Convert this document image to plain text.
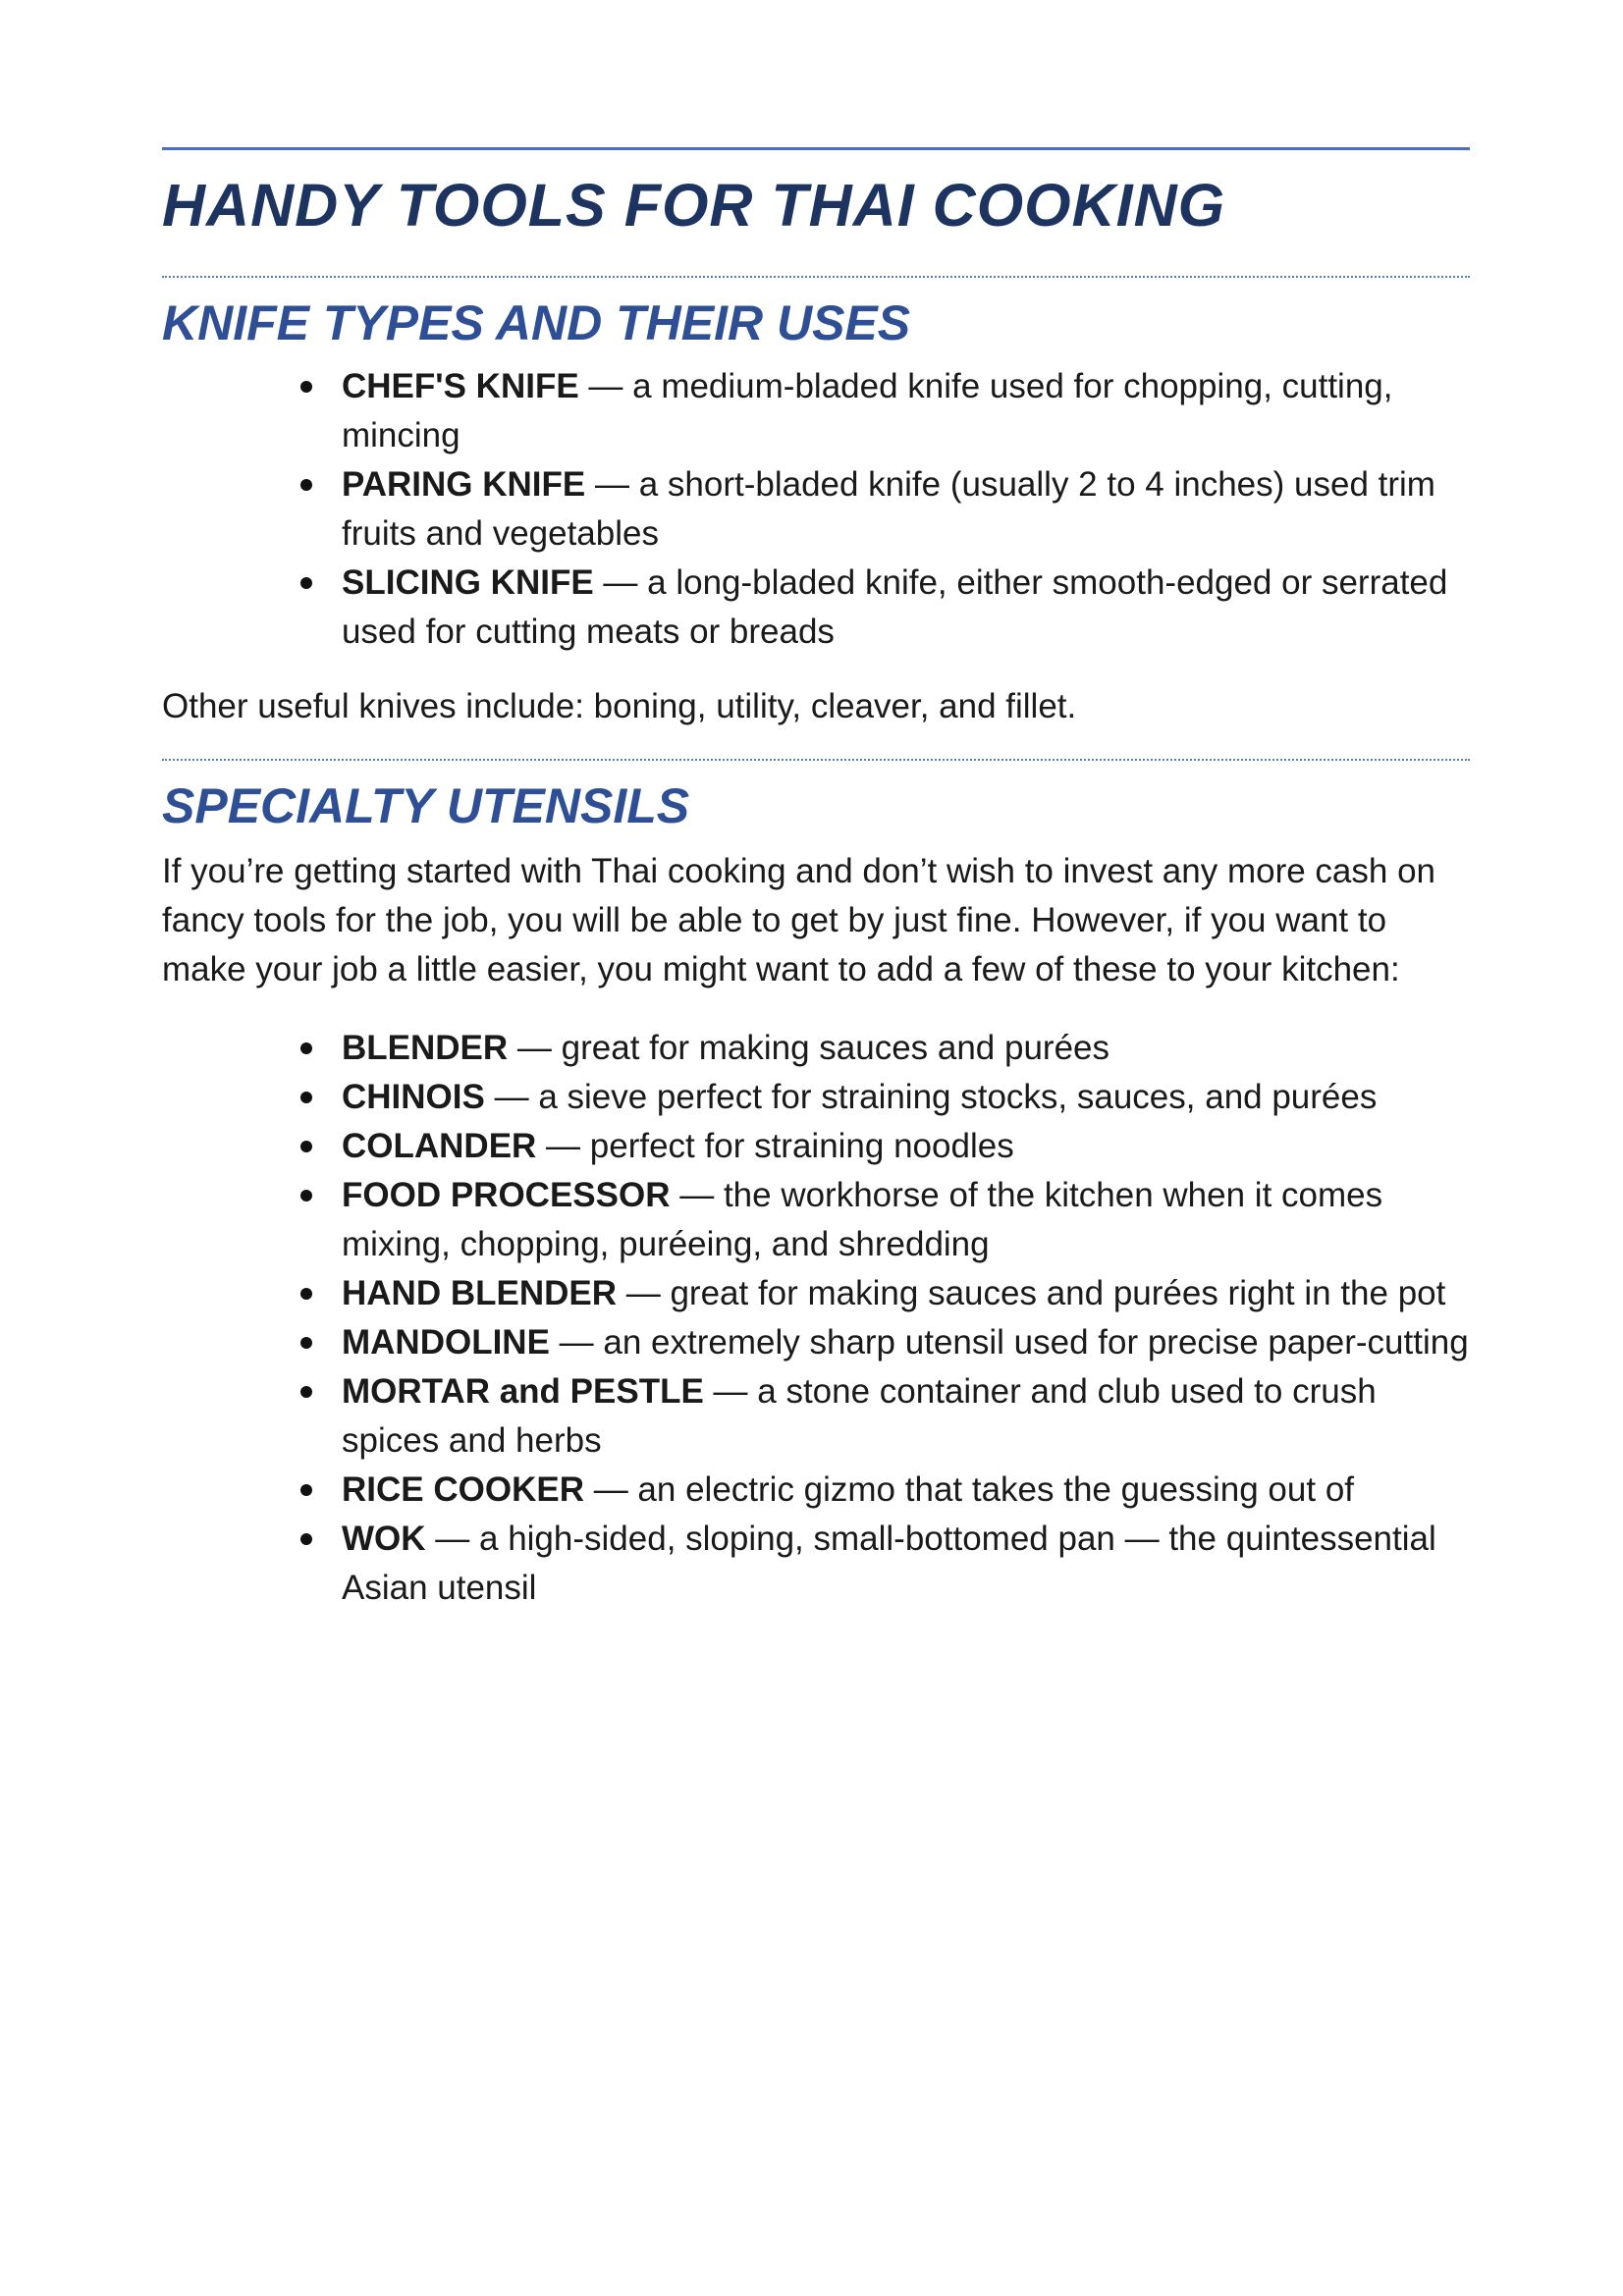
HANDY TOOLS FOR THAI COOKING
KNIFE TYPES AND THEIR USES
CHEF'S KNIFE — a medium-bladed knife used for chopping, cutting, mincing
PARING KNIFE — a short-bladed knife (usually 2 to 4 inches) used trim fruits and vegetables
SLICING KNIFE — a long-bladed knife, either smooth-edged or serrated used for cutting meats or breads

Other useful knives include: boning, utility, cleaver, and fillet.

SPECIALTY UTENSILS

If you’re getting started with Thai cooking and don’t wish to invest any more cash on fancy tools for the job, you will be able to get by just fine. However, if you want to make your job a little easier, you might want to add a few of these to your kitchen:

BLENDER — great for making sauces and purées
CHINOIS — a sieve perfect for straining stocks, sauces, and purées
COLANDER — perfect for straining noodles
FOOD PROCESSOR — the workhorse of the kitchen when it comes mixing, chopping, puréeing, and shredding
HAND BLENDER — great for making sauces and purées right in the pot
MANDOLINE — an extremely sharp utensil used for precise paper-cutting
MORTAR and PESTLE — a stone container and club used to crush spices and herbs
RICE COOKER — an electric gizmo that takes the guessing out of
WOK — a high-sided, sloping, small-bottomed pan — the quintessential Asian utensil
